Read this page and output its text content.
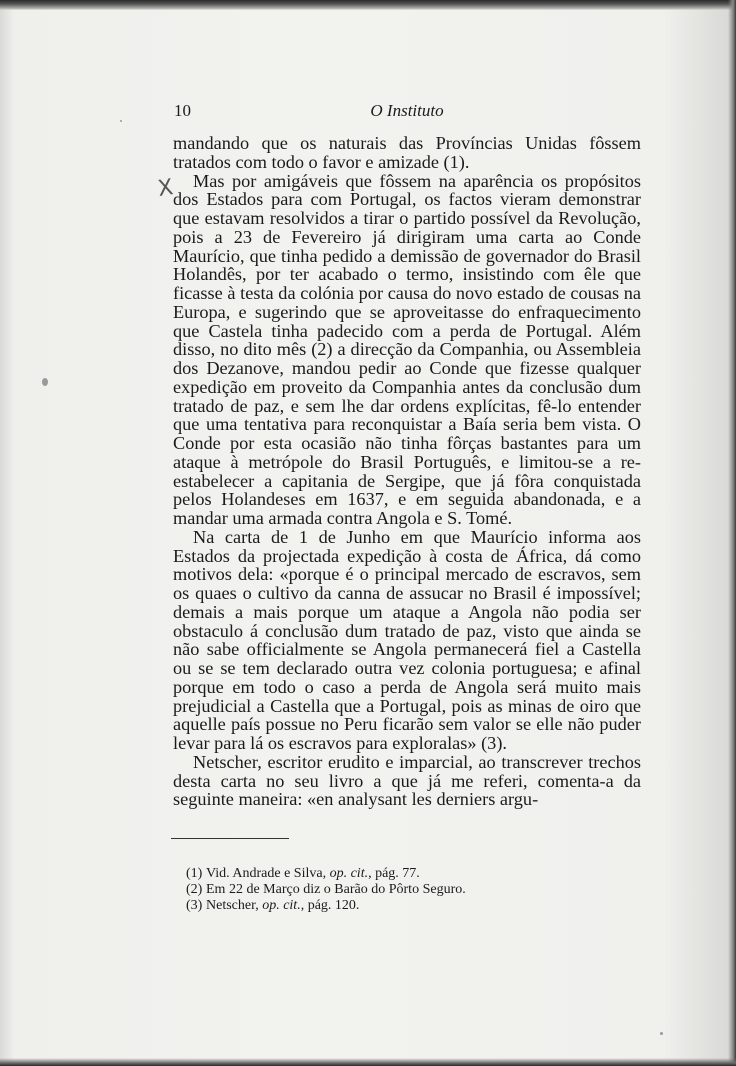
10	O Instituto
X

mandando que os naturais das Províncias Unidas fôssem tratados com todo o favor e amizade (1).

Mas por amigáveis que fôssem na aparência os propósitos dos Estados para com Portugal, os factos vieram demonstrar que estavam resolvidos a tirar o partido possível da Revolução, pois a 23 de Fevereiro já dirigiram uma carta ao Conde Maurício, que tinha pedido a demissão de governador do Brasil Holandês, por ter acabado o termo, insistindo com êle que ficasse à testa da colónia por causa do novo estado de cousas na Europa, e sugerindo que se aproveitasse do enfraquecimento que Castela tinha padecido com a perda de Portugal. Além disso, no dito mês (2) a direcção da Companhia, ou Assembleia dos Dezanove, mandou pedir ao Conde que fizesse qualquer expedição em proveito da Companhia antes da conclusão dum tratado de paz, e sem lhe dar ordens explícitas, fê-lo entender que uma tentativa para reconquistar a Baía seria bem vista. O Conde por esta ocasião não tinha fôrças bastantes para um ataque à metrópole do Brasil Português, e limitou-se a re-estabelecer a capitania de Sergipe, que já fôra conquistada pelos Holandeses em 1637, e em seguida abandonada, e a mandar uma armada contra Angola e S. Tomé.

Na carta de 1 de Junho em que Maurício informa aos Estados da projectada expedição à costa de África, dá como motivos dela: «porque é o principal mercado de escravos, sem os quaes o cultivo da canna de assucar no Brasil é impossível; demais a mais porque um ataque a Angola não podia ser obstaculo á conclusão dum tratado de paz, visto que ainda se não sabe officialmente se Angola permanecerá fiel a Castella ou se se tem declarado outra vez colonia portuguesa; e afinal porque em todo o caso a perda de Angola será muito mais prejudicial a Castella que a Portugal, pois as minas de oiro que aquelle país possue no Peru ficarão sem valor se elle não puder levar para lá os escravos para exploralas» (3).

Netscher, escritor erudito e imparcial, ao transcrever trechos desta carta no seu livro a que já me referi, comenta-a da seguinte maneira: «en analysant les derniers argu-

(1) Vid. Andrade e Silva, op. cit., pág. 77.
(2) Em 22 de Março diz o Barão do Pôrto Seguro.
(3) Netscher, op. cit., pág. 120.
